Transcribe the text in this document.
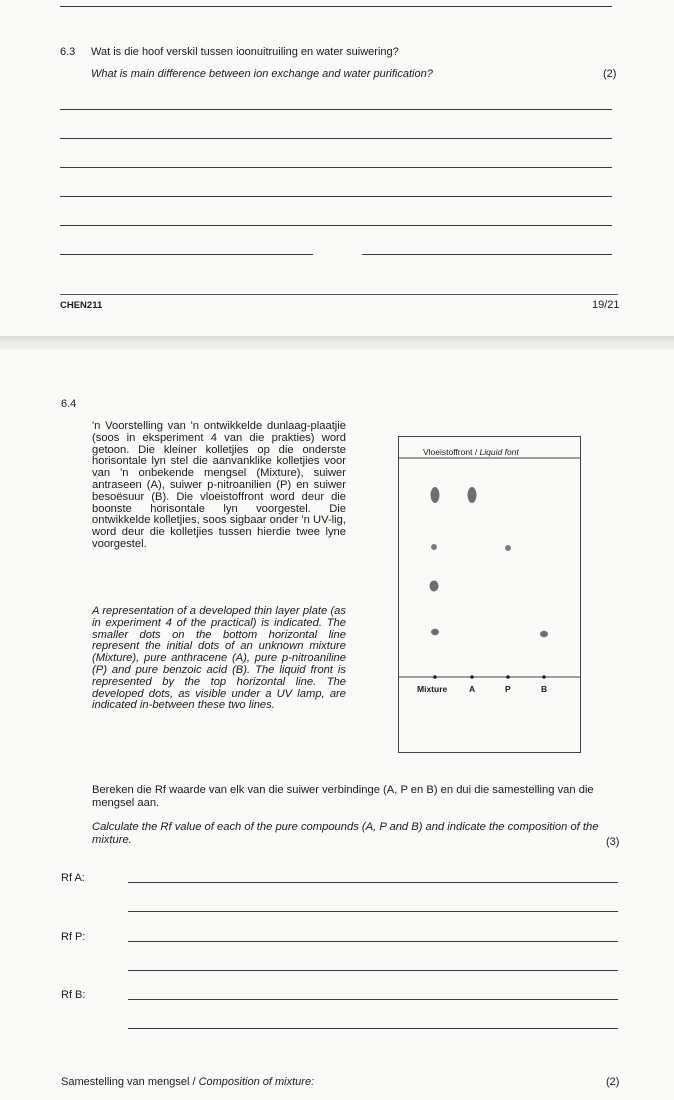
6.3 Wat is die hoof verskil tussen ioonuitruiling en water suiwering?
What is main difference between ion exchange and water purification?	(2)
CHEN211	19/21
6.4
'n Voorstelling van 'n ontwikkelde dunlaag-plaatjie (soos in eksperiment 4 van die prakties) word getoon. Die kleiner kolletjies op die onderste horisontale lyn stel die aanvanklike kolletjies voor van 'n onbekende mengsel (Mixture), suiwer antraseen (A), suiwer p-nitroanilien (P) en suiwer besoësuur (B). Die vloeistoffront word deur die boonste horisontale lyn voorgestel. Die ontwikkelde kolletjies, soos sigbaar onder 'n UV-lig, word deur die kolletjies tussen hierdie twee lyne voorgestel.
A representation of a developed thin layer plate (as in experiment 4 of the practical) is indicated. The smaller dots on the bottom horizontal line represent the initial dots of an unknown mixture (Mixture), pure anthracene (A), pure p-nitroaniline (P) and pure benzoic acid (B). The liquid front is represented by the top horizontal line. The developed dots, as visible under a UV lamp, are indicated in-between these two lines.
Vloeistoffront / Liquid font
Mixture	A	P	B
Bereken die Rf waarde van elk van die suiwer verbindinge (A, P en B) en dui die samestelling van die mengsel aan.
Calculate the Rf value of each of the pure compounds (A, P and B) and indicate the composition of the mixture.	(3)
Rf A:
Rf P:
Rf B:
Samestelling van mengsel / Composition of mixture:	(2)
